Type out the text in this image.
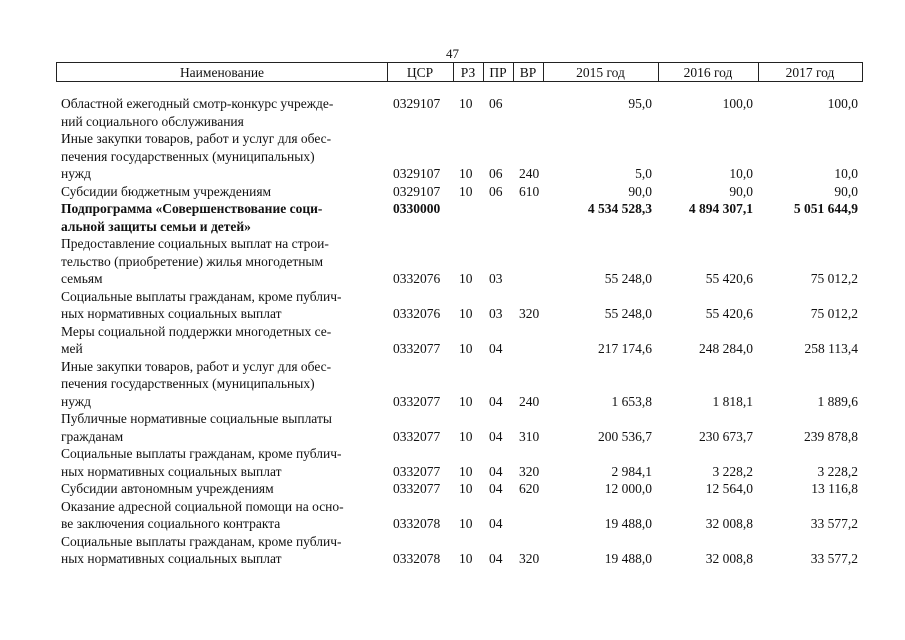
47
Наименование	ЦСР	РЗ	ПР ВР	2015 год	2016 год	2017 год
Областной ежегодный смотр-конкурс учрежде-
ний социального обслуживания
0329107 10 06	95,0	100,0	100,0
Иные закупки товаров, работ и услуг для обес-
печения государственных (муниципальных)
нужд	0329107 10 06 240	5,0	10,0	10,0
Субсидии бюджетным учреждениям	0329107 10 06 610	90,0	90,0	90,0
Подпрограмма «Совершенствование соци-
альной защиты семьи и детей»
0330000	4 534 528,3	4 894 307,1	5 051 644,9
Предоставление социальных выплат на строи-
тельство (приобретение) жилья многодетным
семьям	0332076 10 03	55 248,0	55 420,6	75 012,2
Социальные выплаты гражданам, кроме публич-
ных нормативных социальных выплат	0332076 10 03 320	55 248,0	55 420,6	75 012,2
Меры социальной поддержки многодетных се-
мей	0332077 10 04	217 174,6	248 284,0	258 113,4
Иные закупки товаров, работ и услуг для обес-
печения государственных (муниципальных)
нужд	0332077 10 04 240	1 653,8	1 818,1	1 889,6
Публичные нормативные социальные выплаты
гражданам	0332077 10 04 310	200 536,7	230 673,7	239 878,8
Социальные выплаты гражданам, кроме публич-
ных нормативных социальных выплат	0332077 10 04 320	2 984,1	3 228,2	3 228,2
Субсидии автономным учреждениям	0332077 10 04 620	12 000,0	12 564,0	13 116,8
Оказание адресной социальной помощи на осно-
ве заключения социального контракта	0332078 10 04	19 488,0	32 008,8	33 577,2
Социальные выплаты гражданам, кроме публич-
ных нормативных социальных выплат	0332078 10 04 320	19 488,0	32 008,8	33 577,2
